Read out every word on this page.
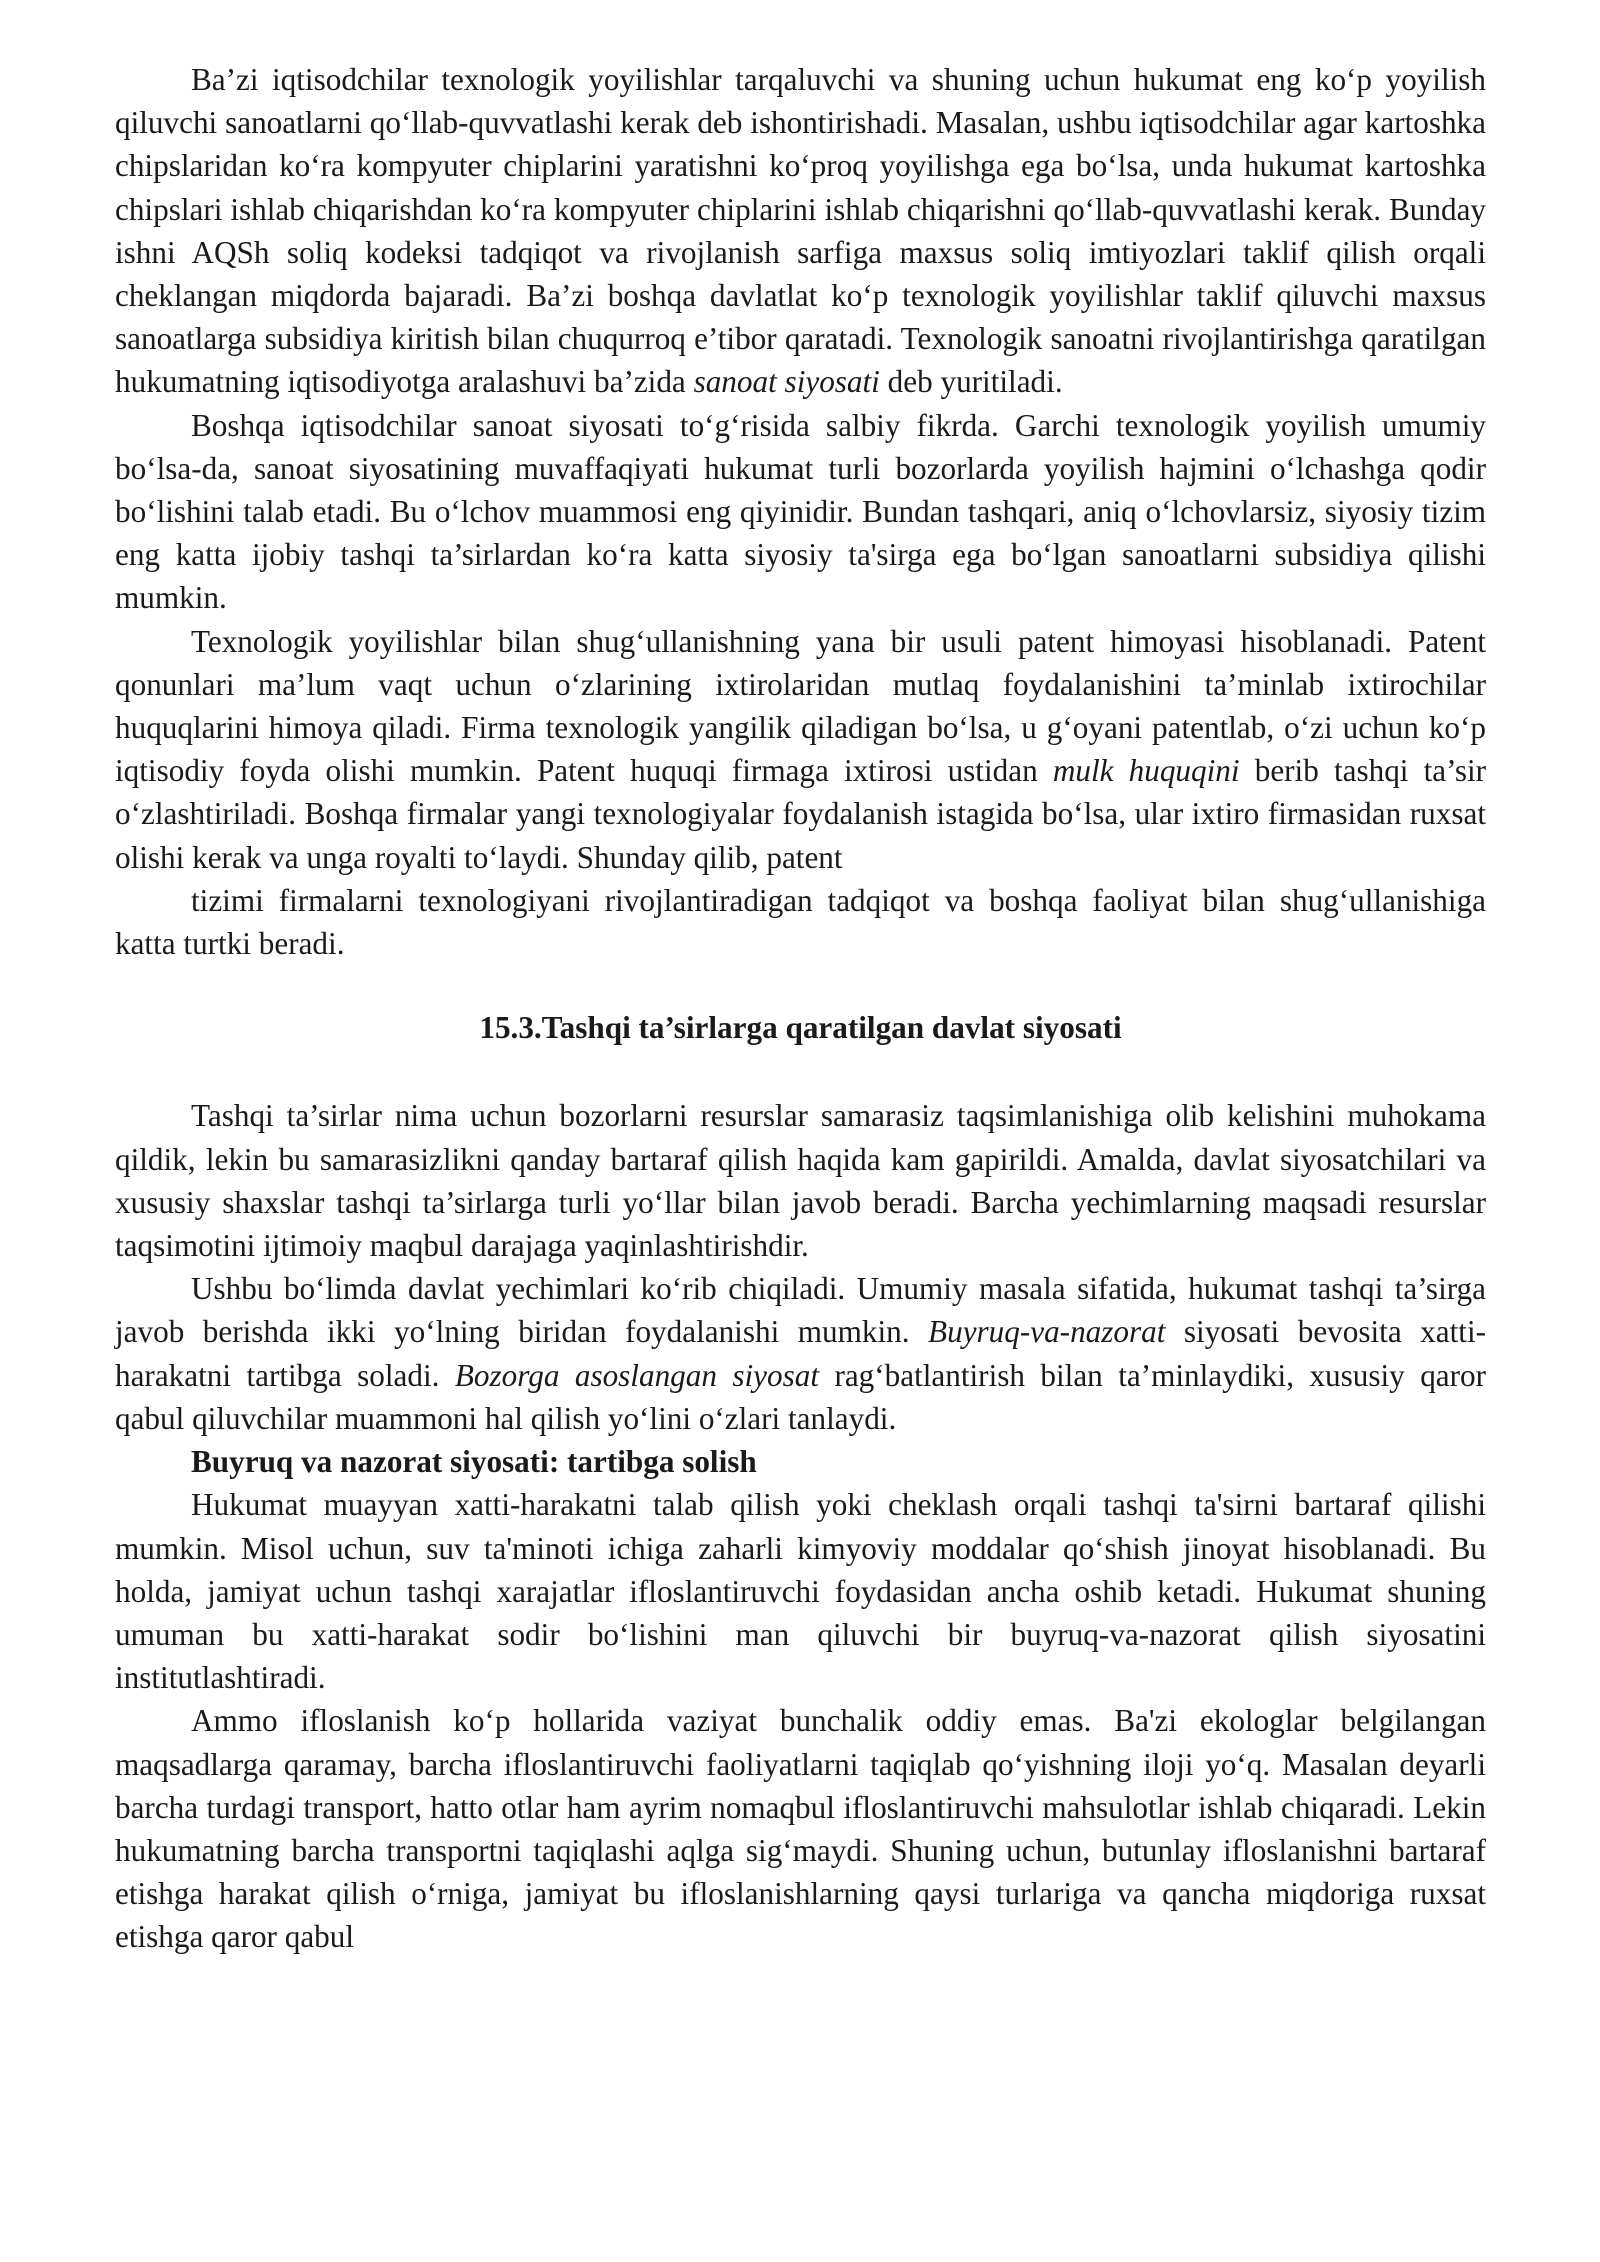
Ba’zi iqtisodchilar texnologik yoyilishlar tarqaluvchi va shuning uchun hukumat eng ko‘p yoyilish qiluvchi sanoatlarni qo‘llab-quvvatlashi kerak deb ishontirishadi. Masalan, ushbu iqtisodchilar agar kartoshka chipslaridan ko‘ra kompyuter chiplarini yaratishni ko‘proq yoyilishga ega bo‘lsa, unda hukumat kartoshka chipslari ishlab chiqarishdan ko‘ra kompyuter chiplarini ishlab chiqarishni qo‘llab-quvvatlashi kerak. Bunday ishni AQSh soliq kodeksi tadqiqot va rivojlanish sarfiga maxsus soliq imtiyozlari taklif qilish orqali cheklangan miqdorda bajaradi. Ba’zi boshqa davlatlat ko‘p texnologik yoyilishlar taklif qiluvchi maxsus sanoatlarga subsidiya kiritish bilan chuqurroq e’tibor qaratadi. Texnologik sanoatni rivojlantirishga qaratilgan hukumatning iqtisodiyotga aralashuvi ba’zida sanoat siyosati deb yuritiladi.

Boshqa iqtisodchilar sanoat siyosati to‘g‘risida salbiy fikrda. Garchi texnologik yoyilish umumiy bo‘lsa-da, sanoat siyosatining muvaffaqiyati hukumat turli bozorlarda yoyilish hajmini o‘lchashga qodir bo‘lishini talab etadi. Bu o‘lchov muammosi eng qiyinidir. Bundan tashqari, aniq o‘lchovlarsiz, siyosiy tizim eng katta ijobiy tashqi ta’sirlardan ko‘ra katta siyosiy ta'sirga ega bo‘lgan sanoatlarni subsidiya qilishi mumkin.

Texnologik yoyilishlar bilan shug‘ullanishning yana bir usuli patent himoyasi hisoblanadi. Patent qonunlari ma’lum vaqt uchun o‘zlarining ixtirolaridan mutlaq foydalanishini ta’minlab ixtirochilar huquqlarini himoya qiladi. Firma texnologik yangilik qiladigan bo‘lsa, u g‘oyani patentlab, o‘zi uchun ko‘p iqtisodiy foyda olishi mumkin. Patent huquqi firmaga ixtirosi ustidan mulk huquqini berib tashqi ta’sir o‘zlashtiriladi. Boshqa firmalar yangi texnologiyalar foydalanish istagida bo‘lsa, ular ixtiro firmasidan ruxsat olishi kerak va unga royalti to‘laydi. Shunday qilib, patent

tizimi firmalarni texnologiyani rivojlantiradigan tadqiqot va boshqa faoliyat bilan shug‘ullanishiga katta turtki beradi.

15.3.Tashqi ta’sirlarga qaratilgan davlat siyosati

Tashqi ta’sirlar nima uchun bozorlarni resurslar samarasiz taqsimlanishiga olib kelishini muhokama qildik, lekin bu samarasizlikni qanday bartaraf qilish haqida kam gapirildi. Amalda, davlat siyosatchilari va xususiy shaxslar tashqi ta’sirlarga turli yo‘llar bilan javob beradi. Barcha yechimlarning maqsadi resurslar taqsimotini ijtimoiy maqbul darajaga yaqinlashtirishdir.

Ushbu bo‘limda davlat yechimlari ko‘rib chiqiladi. Umumiy masala sifatida, hukumat tashqi ta’sirga javob berishda ikki yo‘lning biridan foydalanishi mumkin. Buyruq-va-nazorat siyosati bevosita xatti-harakatni tartibga soladi. Bozorga asoslangan siyosat rag‘batlantirish bilan ta’minlaydiki, xususiy qaror qabul qiluvchilar muammoni hal qilish yo‘lini o‘zlari tanlaydi.

Buyruq va nazorat siyosati: tartibga solish

Hukumat muayyan xatti-harakatni talab qilish yoki cheklash orqali tashqi ta'sirni bartaraf qilishi mumkin. Misol uchun, suv ta'minoti ichiga zaharli kimyoviy moddalar qo‘shish jinoyat hisoblanadi. Bu holda, jamiyat uchun tashqi xarajatlar ifloslantiruvchi foydasidan ancha oshib ketadi. Hukumat shuning umuman bu xatti-harakat sodir bo‘lishini man qiluvchi bir buyruq-va-nazorat qilish siyosatini institutlashtiradi.

Ammo ifloslanish ko‘p hollarida vaziyat bunchalik oddiy emas. Ba'zi ekologlar belgilangan maqsadlarga qaramay, barcha ifloslantiruvchi faoliyatlarni taqiqlab qo‘yishning iloji yo‘q. Masalan deyarli barcha turdagi transport, hatto otlar ham ayrim nomaqbul ifloslantiruvchi mahsulotlar ishlab chiqaradi. Lekin hukumatning barcha transportni taqiqlashi aqlga sig‘maydi. Shuning uchun, butunlay ifloslanishni bartaraf etishga harakat qilish o‘rniga, jamiyat bu ifloslanishlarning qaysi turlariga va qancha miqdoriga ruxsat etishga qaror qabul
